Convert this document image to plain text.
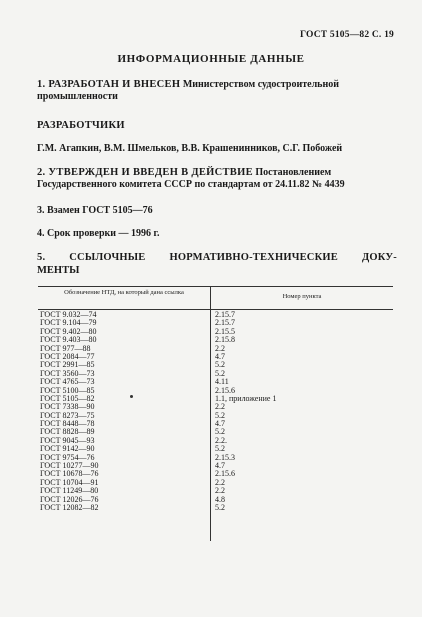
ГОСТ 5105—82 С. 19
ИНФОРМАЦИОННЫЕ ДАННЫЕ
1. РАЗРАБОТАН И ВНЕСЕН Министерством судостроительной промышленности
РАЗРАБОТЧИКИ
Г.М. Агапкин, В.М. Шмельков, В.В. Крашенинников, С.Г. Побожей
2. УТВЕРЖДЕН И ВВЕДЕН В ДЕЙСТВИЕ Постановлением Государственного комитета СССР по стандартам от 24.11.82 № 4439
3. Взамен ГОСТ 5105—76
4. Срок проверки — 1996 г.
5. ССЫЛОЧНЫЕ НОРМАТИВНО-ТЕХНИЧЕСКИЕ ДОКУ-
МЕНТЫ
Обозначение НТД, на который дана ссылка
Номер пункта
ГОСТ 9.032—74	2.15.7
ГОСТ 9.104—79	2.15.7
ГОСТ 9.402—80	2.15.5
ГОСТ 9.403—80	2.15.8
ГОСТ 977—88	2.2
ГОСТ 2084—77	4.7
ГОСТ 2991—85	5.2
ГОСТ 3560—73	5.2
ГОСТ 4765—73	4.11
ГОСТ 5100—85	2.15.6
ГОСТ 5105—82	1.1, приложение 1
ГОСТ 7338—90	2.2
ГОСТ 8273—75	5.2
ГОСТ 8448—78	4.7
ГОСТ 8828—89	5.2
ГОСТ 9045—93	2.2.
ГОСТ 9142—90	5.2
ГОСТ 9754—76	2.15.3
ГОСТ 10277—90	4.7
ГОСТ 10678—76	2.15.6
ГОСТ 10704—91	2.2
ГОСТ 11249—80	2.2
ГОСТ 12026—76	4.8
ГОСТ 12082—82	5.2
